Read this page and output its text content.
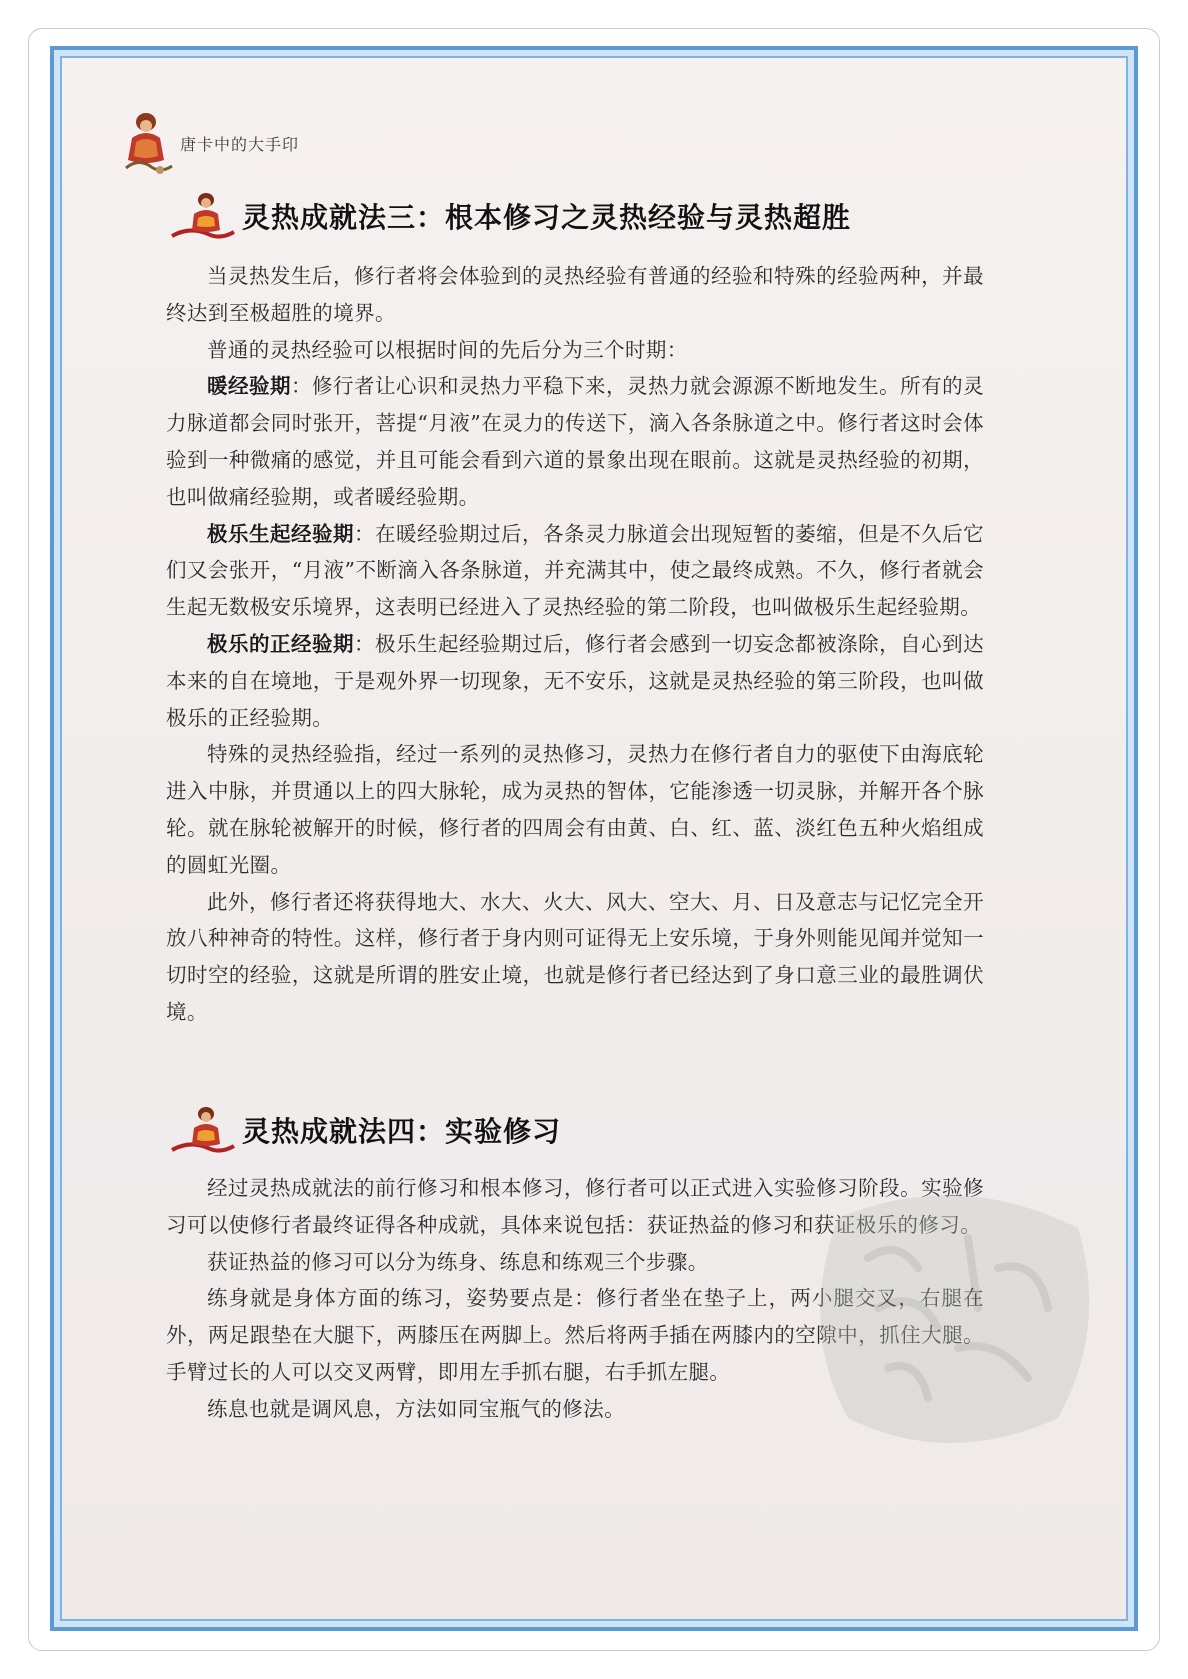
唐卡中的大手印
灵热成就法三：根本修习之灵热经验与灵热超胜

当灵热发生后，修行者将会体验到的灵热经验有普通的经验和特殊的经验两种，并最终达到至极超胜的境界。

普通的灵热经验可以根据时间的先后分为三个时期：

暖经验期：修行者让心识和灵热力平稳下来，灵热力就会源源不断地发生。所有的灵力脉道都会同时张开，菩提“月液”在灵力的传送下，滴入各条脉道之中。修行者这时会体验到一种微痛的感觉，并且可能会看到六道的景象出现在眼前。这就是灵热经验的初期，也叫做痛经验期，或者暖经验期。

极乐生起经验期：在暖经验期过后，各条灵力脉道会出现短暂的萎缩，但是不久后它们又会张开，“月液”不断滴入各条脉道，并充满其中，使之最终成熟。不久，修行者就会生起无数极安乐境界，这表明已经进入了灵热经验的第二阶段，也叫做极乐生起经验期。

极乐的正经验期：极乐生起经验期过后，修行者会感到一切妄念都被涤除，自心到达本来的自在境地，于是观外界一切现象，无不安乐，这就是灵热经验的第三阶段，也叫做极乐的正经验期。

特殊的灵热经验指，经过一系列的灵热修习，灵热力在修行者自力的驱使下由海底轮进入中脉，并贯通以上的四大脉轮，成为灵热的智体，它能渗透一切灵脉，并解开各个脉轮。就在脉轮被解开的时候，修行者的四周会有由黄、白、红、蓝、淡红色五种火焰组成的圆虹光圈。

此外，修行者还将获得地大、水大、火大、风大、空大、月、日及意志与记忆完全开放八种神奇的特性。这样，修行者于身内则可证得无上安乐境，于身外则能见闻并觉知一切时空的经验，这就是所谓的胜安止境，也就是修行者已经达到了身口意三业的最胜调伏境。

灵热成就法四：实验修习

经过灵热成就法的前行修习和根本修习，修行者可以正式进入实验修习阶段。实验修习可以使修行者最终证得各种成就，具体来说包括：获证热益的修习和获证极乐的修习。

获证热益的修习可以分为练身、练息和练观三个步骤。

练身就是身体方面的练习，姿势要点是：修行者坐在垫子上，两小腿交叉，右腿在外，两足跟垫在大腿下，两膝压在两脚上。然后将两手插在两膝内的空隙中，抓住大腿。手臂过长的人可以交叉两臂，即用左手抓右腿，右手抓左腿。

练息也就是调风息，方法如同宝瓶气的修法。
